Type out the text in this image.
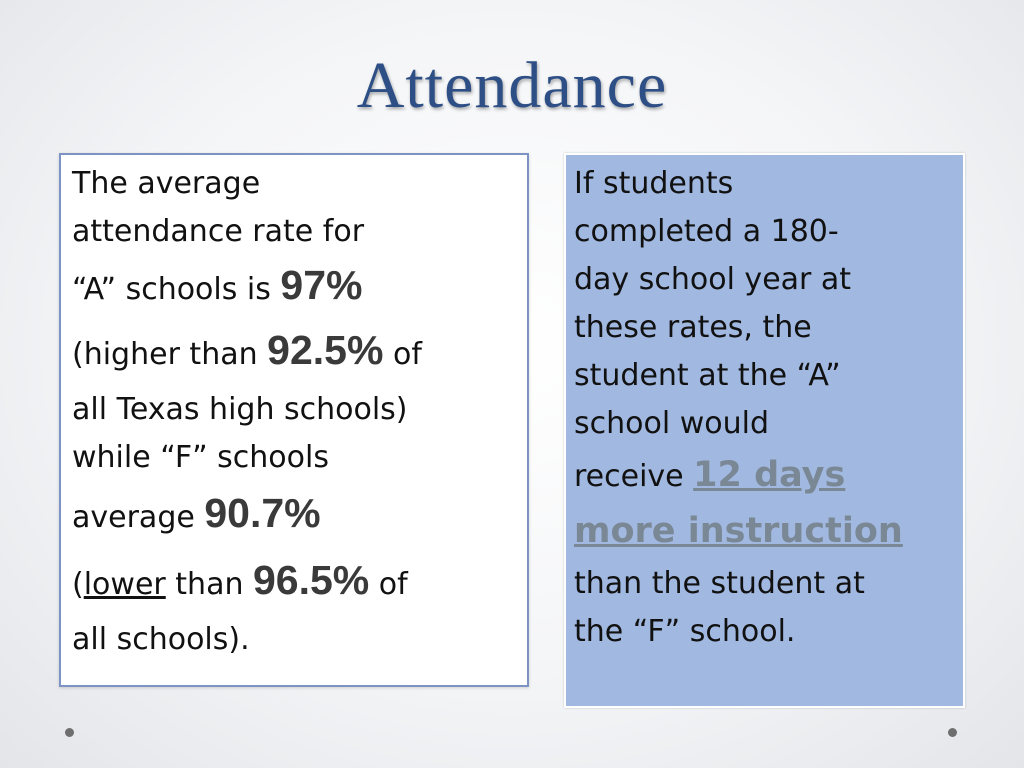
Attendance
The average
attendance rate for
“A” schools is 97%
(higher than 92.5% of
all Texas high schools)
while “F” schools
average 90.7%
(lower than 96.5% of
all schools).
If students
completed a 180-
day school year at
these rates, the
student at the “A”
school would
receive 12 days
more instruction
than the student at
the “F” school.
